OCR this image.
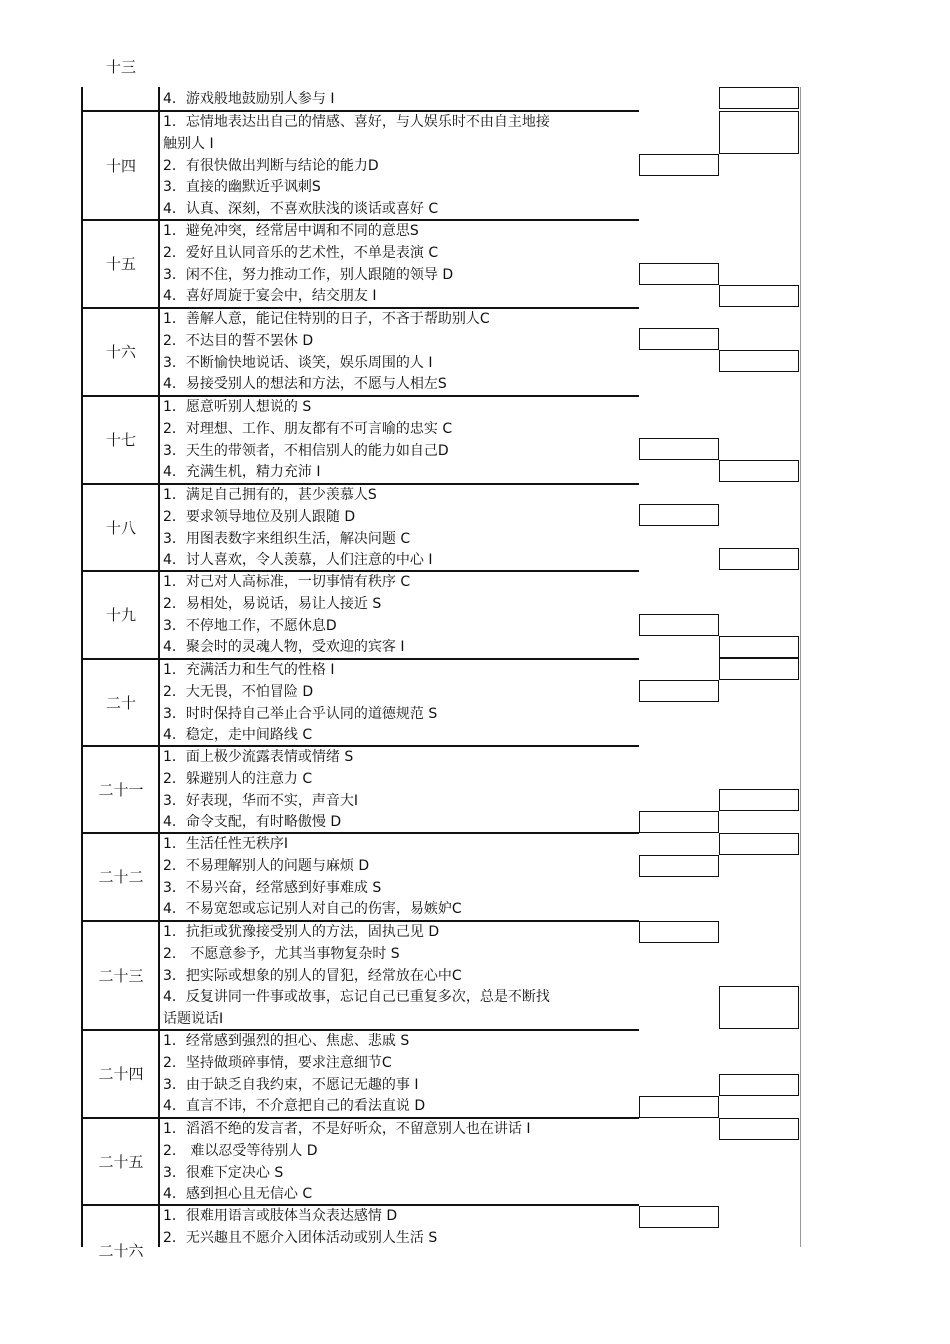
十三
4．游戏般地鼓励别人参与 I
十四
1．忘情地表达出自己的情感、喜好，与人娱乐时不由自主地接
触别人 I
2．有很快做出判断与结论的能力D
3．直接的幽默近乎讽刺S
4．认真、深刻，不喜欢肤浅的谈话或喜好 C
十五
1．避免冲突，经常居中调和不同的意思S
2．爱好且认同音乐的艺术性，不单是表演 C
3．闲不住，努力推动工作，别人跟随的领导 D
4．喜好周旋于宴会中，结交朋友 I
十六
1．善解人意，能记住特别的日子，不吝于帮助别人C
2．不达目的誓不罢休 D
3．不断愉快地说话、谈笑，娱乐周围的人 I
4．易接受别人的想法和方法，不愿与人相左S
十七
1．愿意听别人想说的 S
2．对理想、工作、朋友都有不可言喻的忠实 C
3．天生的带领者，不相信别人的能力如自己D
4．充满生机，精力充沛 I
十八
1．满足自己拥有的，甚少羡慕人S
2．要求领导地位及别人跟随 D
3．用图表数字来组织生活，解决问题 C
4．讨人喜欢，令人羡慕，人们注意的中心 I
十九
1．对己对人高标准，一切事情有秩序 C
2．易相处，易说话，易让人接近 S
3．不停地工作，不愿休息D
4．聚会时的灵魂人物，受欢迎的宾客 I
二十
1．充满活力和生气的性格 I
2．大无畏，不怕冒险 D
3．时时保持自己举止合乎认同的道德规范 S
4．稳定，走中间路线 C
二十一
1．面上极少流露表情或情绪 S
2．躲避别人的注意力 C
3．好表现，华而不实，声音大I
4．命令支配，有时略傲慢 D
二十二
1．生活任性无秩序I
2．不易理解别人的问题与麻烦 D
3．不易兴奋，经常感到好事难成 S
4．不易宽恕或忘记别人对自己的伤害，易嫉妒C
二十三
1．抗拒或犹豫接受别人的方法，固执己见 D
2． 不愿意参予，尤其当事物复杂时 S
3．把实际或想象的别人的冒犯，经常放在心中C
4．反复讲同一件事或故事，忘记自己已重复多次，总是不断找
话题说话I
二十四
1．经常感到强烈的担心、焦虑、悲戚 S
2．坚持做琐碎事情，要求注意细节C
3．由于缺乏自我约束，不愿记无趣的事 I
4．直言不讳，不介意把自己的看法直说 D
二十五
1．滔滔不绝的发言者，不是好听众，不留意别人也在讲话 I
2． 难以忍受等待别人 D
3．很难下定决心 S
4．感到担心且无信心 C
二十六
1．很难用语言或肢体当众表达感情 D
2．无兴趣且不愿介入团体活动或别人生活 S
